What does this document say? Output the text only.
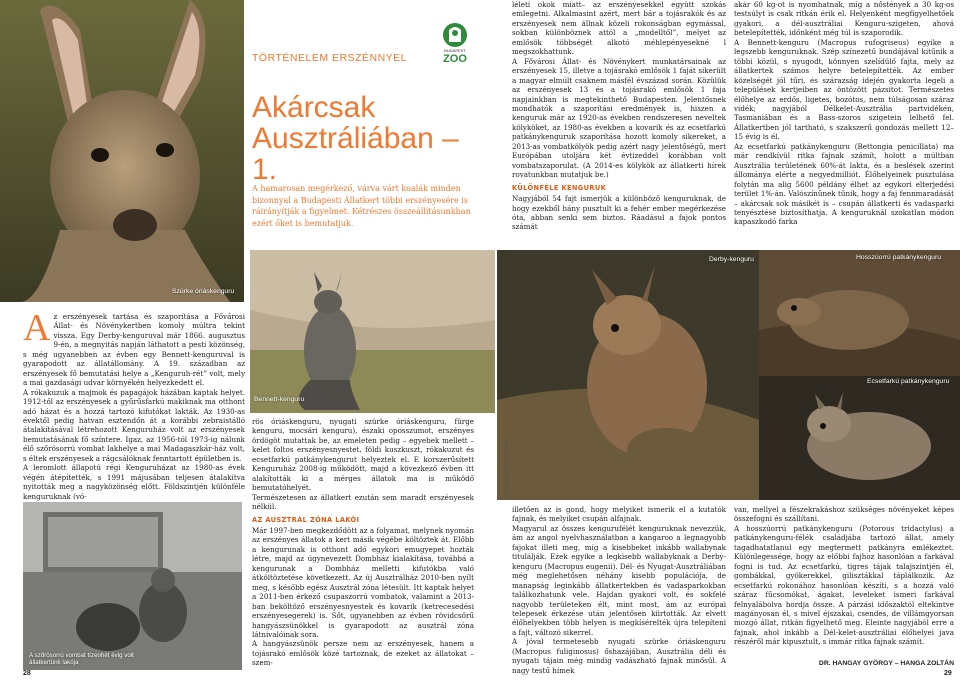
Szürke óriáskenguru
TÖRTÉNELEM ERSZÉNNYEL
BUDAPEST
ZOO
Akárcsak
Ausztráliában – 1.
A hamarosan megérkező, várva várt koalák minden bizonnyal a Budapesti Állatkert többi erszényesére is ráirányítják a figyelmet. Kétrészes összeállításunkban ezért őket is bemutatjuk.

léleti okok miatt– az erszényesekkel együtt szokás emlegetni. Alkalmasint azért, mert bár a tojásrakók és az erszényesek nem állnak közeli rokonságban egymással, sokban különböznek attól a „modelltől”, melyet az emlősök többségét alkotó méhlepényesekné l megszokhattunk.

A Fővárosi Állat- és Növénykert munkatársainak az erszényesek 15, illetve a tojásrakó emlősök 1 faját sikerült a magyar elmúlt csaknem másfél évszázad során. Közülük az erszényesek 13 és a tojásrakó emlősök 1 faja napjainkban is megtekinthető Budapesten. Jelentősnek mondhatók a szaporítási eredmények is, hiszen a kenguruk már az 1920-as években rendszeresen neveltek kölyköket, az 1980-as években a kovarik és az ecsetfarkú patkánykenguruk szaporítása hozott komoly sikereket, a 2013-as vombatkölyök pedig azért nagy jelentőségű, mert Európában utoljára két évtizeddel korábban volt vombatszaporulat. (A 2014-es kölykök az állatkerti hírek rovatunkban mutatjuk be.)

KÜLÖNFÉLE KENGURUK

Nagyjából 54 fajt ismerjük a különböző kenguruknak, de hogy ezekből hány pusztult ki a fehér ember megérkezése óta, abban senki sem biztos. Ráadásul a fajok pontos számát

akár 60 kg-ot is nyomhatnak, míg a nőstények a 30 kg-os testsúlyt is csak ritkán érik el. Helyenként megfigyelhetőek gyakori, a dél-ausztráliai Kenguru-szigeten, ahová betelepítették, időnként még túl is szaporodik.

A Bennett-kenguru (Macropus rufogriseus) egyike a legszebb kenguruknak. Szép színezetű bundájával kitűnik a többi közül, s nyugodt, könnyen szelídülő fajta, mely az állatkertek számos helyre betelepítették. Az ember közelségét jól tűri, és szárazság idején gyakorta legeli a települések kertjeiben az öntözött pázsitot. Természetes élőhelye az erdős, ligetes, bozótos, nem túlságosan száraz vidék; nagyjából Délkelet-Ausztrália partvidékén, Tasmaniában és a Bass-szoros szigetein lelhető fel. Állatkertben jól tartható, s szakszerű gondozás mellett 12–15 évig is él.

Az ecsetfarkú patkánykenguru (Bettongia penicillata) ma már rendkívül ritka fajnak számít, holott a múltban Ausztrália területének 60%-át lakta, és a beslések szerint állománya elérte a negyedmilliót. Élőhelyeinek pusztulása folytán ma alig 5600 példány élhet az egykori elterjedési terület 1%-án. Valószínűnek tűnik, hogy a faj fennmaradását – akárcsak sok másikét is – csupán állatkerti és vadasparki tenyésztése biztosíthatja. A kenguruknál szokatlan módon kapaszkodó farka

Bennett-kenguru
Derby-kenguru
Fotó: Bagosi Zoltán felvételei
Hosszúorrú patkánykenguru
Ecsetfarkú patkánykenguru
A z erszényesek tartása és szaporítása a Fővárosi Állat- és Növénykertben komoly múltra tekint vissza. Egy Derby-kenguruval már 1866. augusztus 9-én, a megnyitás napján láthatott a pesti közönség, s még ugyanebben az évben egy Bennett-kenguruval is gyarapodott az állatállomány. A 19. században az erszényesek fő bemutatási helye a „Kenguruh-rét” volt, mely a mai gazdasági udvar környékén helyezkedett el.

A rókakuzuk a majmok és papagájok házában kaptak helyet. 1912-től az erszényesek a gyűrűsfarkú makiknak ma otthont adó házat és a hozzá tartozó kifutókat lakták. Az 1930-as évektől pedig hatvan esztendőn át a korábbi zebraistálló átalakításával létrehozott Kenguruház volt az erszényesek bemutatásának fő színtere. Igaz, az 1956-tól 1973-ig nálunk élő szőrösorrú vombat lakhelye a mai Madagaszkár-ház volt, s éltek erszényesek a rágcsálóknak fenntartott épületben is.

A leromlott állapotú régi Kenguruházat az 1980-as évek végén átépítették, s 1991 májusában teljesen átalakítva nyitották meg a nagyközönség előtt. Földszintjén különféle kenguruknak (vó-

A szőrösorrú vombat tízenhét évig volt állatkertünk lakója

rös óriáskenguru, nyugati szürke óriáskenguru, fürge kenguru, mocsári kenguru), északi oposszumot, erszényes ördögöt mutattak be, az emeleten pedig – egyebek mellett – kelet foltos erszényesnyestet, földi kuszkuszt, rókakuzut és ecsetfarkú patkánykengurut helyeztek el. E korszerűsített Kenguruház 2008-ig működött, majd a kövezkező évben itt alakították ki a mérges állatok ma is működő bemutatóhelyét.

Természetesen az állatkert ezután sem maradt erszényesek nélkül.

AZ AUSZTRÁL ZÓNA LAKÓI

Már 1997-ben megkezdődött az a folyamat, melynek nyomán az erszényes állatok a kert másik végébe költöztek át. Előbb a kengurunak is otthont adó egykori emugyepet hozták létre, majd az úgynevezett Dombház kialakítása, továbbá a kengurunak a Dombház melletti kifutókba való átköltöztetése következett. Az új Ausztrálház 2010-ben nyílt meg, s később egész Ausztrál zóna létesült. Itt kaptak helyet a 2011-ben érkező csupaszorrú vombatok, valamint a 2013-ban beköltöző erszényesnyestek és kovarik (ketrecesedési erszényesegerek) is. Sőt, ugyanebben az évben rövidcsőrű hangyászsünökkel is gyarapodott az ausztrál zóna látnivalóinak sora.

A hangyászsünök persze nem az erszényesek, hanem a tojásrakó emlősök közé tartoznak, de ezeket az állatokat – szem-

illetően az is gond, hogy melyiket ismerik el a kutatók fajnak, és melyiket csupán alfajnak.

Magyarul az összes kengurufélét kenguruknak nevezzük, ám az angol nyelvhasználatban a kangaroo a legnagyobb fajokat illeti meg, míg a kisebbeket inkább wallabynak titulálják. Ezek egyike a legkisebb wallabyknak a Derby-kenguru (Macropus eugenii). Dél- és Nyugat-Ausztráliában még meglehetősen néhány kisebb populációja, de manapság leginkább állatkertekben és vadasparkokban találkozhatunk vele. Hajdan gyakori volt, és sokfelé nagyobb területeken élt, mint most, ám az európai telepesek érkezése után jelentősen kiirtották. Az elvett élőhelyekben több helyen is megkísérelték újra telepíteni a fajt, változó sikerrel.

A jóval termetesebb nyugati szürke óriáskenguru (Macropus fuliginosus) őshazájában, Ausztrália déli és nyugati tájain még mindig vadászható fajnak minősül. A nagy testű hímek

van, mellyel a fészekrakáshoz szükséges növényeket képes összefogni és szállítani.

A hosszúorrú patkánykenguru (Potorous tridactylus) a patkánykenguru-félék családjába tartozó állat, amely tagadhatatlanul egy megtermett patkányra emlékeztet. Különlegessége, hogy az előbbi fajhoz hasonlóan a farkával fogni is tud. Az ecsetfarkú, tigres tájak talajszintjén él, gombákkal, gyökerekkel, gilisztákkal táplálkozik. Az ecsetfarkú rokonához hasonlóan készíti, s a hozzá való száraz fűcsomókat, ágakat, leveleket ismeri farkával felnyalábolva hordja össze. A párzási időszaktól eltekintve magányosan él, s mivel éjszakai, csendes, de villámgyorsan mozgó állat, ritkán figyelhető meg. Eleinte nagyjából erre a fajnak, ahol inkább a Dél-kelet-ausztráliai élőhelyei java részéről már kipusztult, s immár ritka fajnak számít.

DR. HANGAY GYÖRGY – HANGA ZOLTÁN
28	29
